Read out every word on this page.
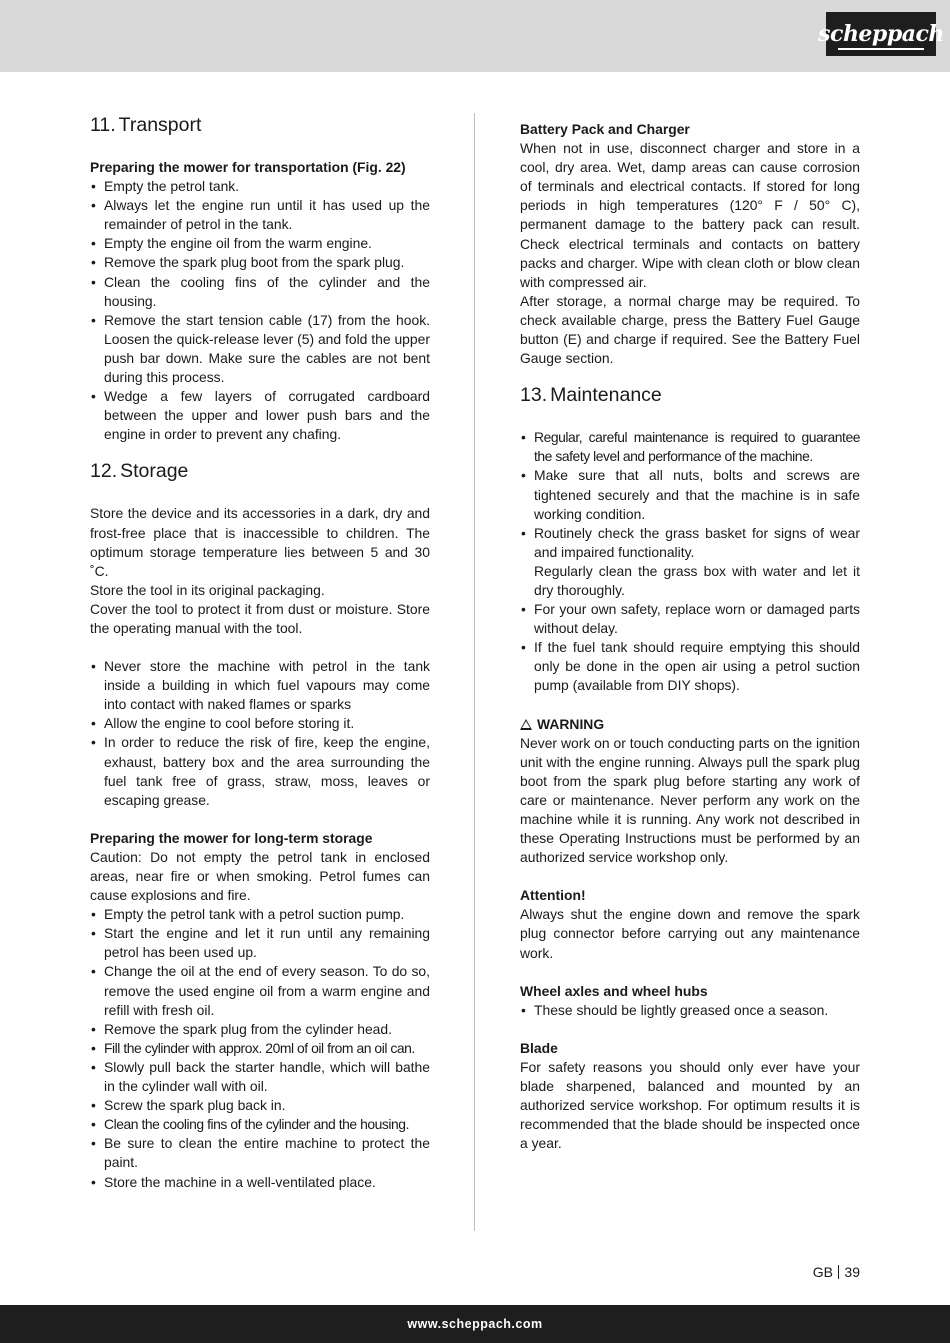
scheppach
11. Transport
Preparing the mower for transportation (Fig. 22)
• Empty the petrol tank.
• Always let the engine run until it has used up the remainder of petrol in the tank.
• Empty the engine oil from the warm engine.
• Remove the spark plug boot from the spark plug.
• Clean the cooling fins of the cylinder and the housing.
• Remove the start tension cable (17) from the hook. Loosen the quick-release lever (5) and fold the upper push bar down. Make sure the cables are not bent during this process.
• Wedge a few layers of corrugated cardboard between the upper and lower push bars and the engine in order to prevent any chafing.
12. Storage

Store the device and its accessories in a dark, dry and frost-free place that is inaccessible to children. The optimum storage temperature lies between 5 and 30 ˚C.

Store the tool in its original packaging.

Cover the tool to protect it from dust or moisture. Store the operating manual with the tool.

• Never store the machine with petrol in the tank inside a building in which fuel vapours may come into contact with naked flames or sparks
• Allow the engine to cool before storing it.
• In order to reduce the risk of fire, keep the engine, exhaust, battery box and the area surrounding the fuel tank free of grass, straw, moss, leaves or escaping grease.
Preparing the mower for long-term storage

Caution: Do not empty the petrol tank in enclosed areas, near fire or when smoking. Petrol fumes can cause explosions and fire.

• Empty the petrol tank with a petrol suction pump.
• Start the engine and let it run until any remaining petrol has been used up.
• Change the oil at the end of every season. To do so, remove the used engine oil from a warm engine and refill with fresh oil.
• Remove the spark plug from the cylinder head.
• Fill the cylinder with approx. 20ml of oil from an oil can.
• Slowly pull back the starter handle, which will bathe in the cylinder wall with oil.
• Screw the spark plug back in.
• Clean the cooling fins of the cylinder and the housing.
• Be sure to clean the entire machine to protect the paint.
• Store the machine in a well-ventilated place.
Battery Pack and Charger

When not in use, disconnect charger and store in a cool, dry area. Wet, damp areas can cause corrosion of terminals and electrical contacts. If stored for long periods in high temperatures (120° F / 50° C), permanent damage to the battery pack can result. Check electrical terminals and contacts on battery packs and charger. Wipe with clean cloth or blow clean with compressed air.

After storage, a normal charge may be required. To check available charge, press the Battery Fuel Gauge button (E) and charge if required. See the Battery Fuel Gauge section.

13. Maintenance
• Regular, careful maintenance is required to guarantee the safety level and performance of the machine.
• Make sure that all nuts, bolts and screws are tightened securely and that the machine is in safe working condition.
• Routinely check the grass basket for signs of wear and impaired functionality.
Regularly clean the grass box with water and let it dry thoroughly.
• For your own safety, replace worn or damaged parts without delay.
• If the fuel tank should require emptying this should only be done in the open air using a petrol suction pump (available from DIY shops).
WARNING

Never work on or touch conducting parts on the ignition unit with the engine running. Always pull the spark plug boot from the spark plug before starting any work of care or maintenance. Never perform any work on the machine while it is running. Any work not described in these Operating Instructions must be performed by an authorized service workshop only.

Attention!

Always shut the engine down and remove the spark plug connector before carrying out any maintenance work.

Wheel axles and wheel hubs
• These should be lightly greased once a season.
Blade

For safety reasons you should only ever have your blade sharpened, balanced and mounted by an authorized service workshop. For optimum results it is recommended that the blade should be inspected once a year.

GB 39
www.scheppach.com
